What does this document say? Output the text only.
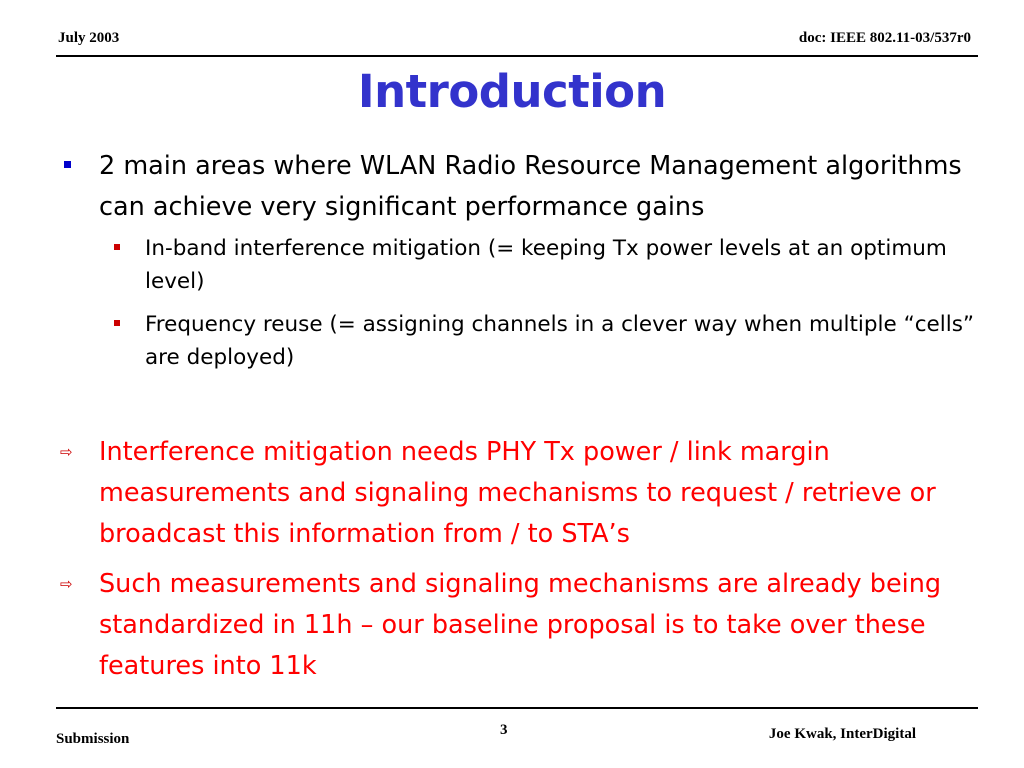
July 2003	doc: IEEE 802.11-03/537r0
Introduction
2 main areas where WLAN Radio Resource Management algorithms can achieve very significant performance gains
In-band interference mitigation (= keeping Tx power levels at an optimum level)
Frequency reuse (= assigning channels in a clever way when multiple “cells” are deployed)
⇨ Interference mitigation needs PHY Tx power / link margin measurements and signaling mechanisms to request / retrieve or broadcast this information from / to STA’s
⇨ Such measurements and signaling mechanisms are already being standardized in 11h – our baseline proposal is to take over these features into 11k
Submission
3	Joe Kwak, InterDigital
